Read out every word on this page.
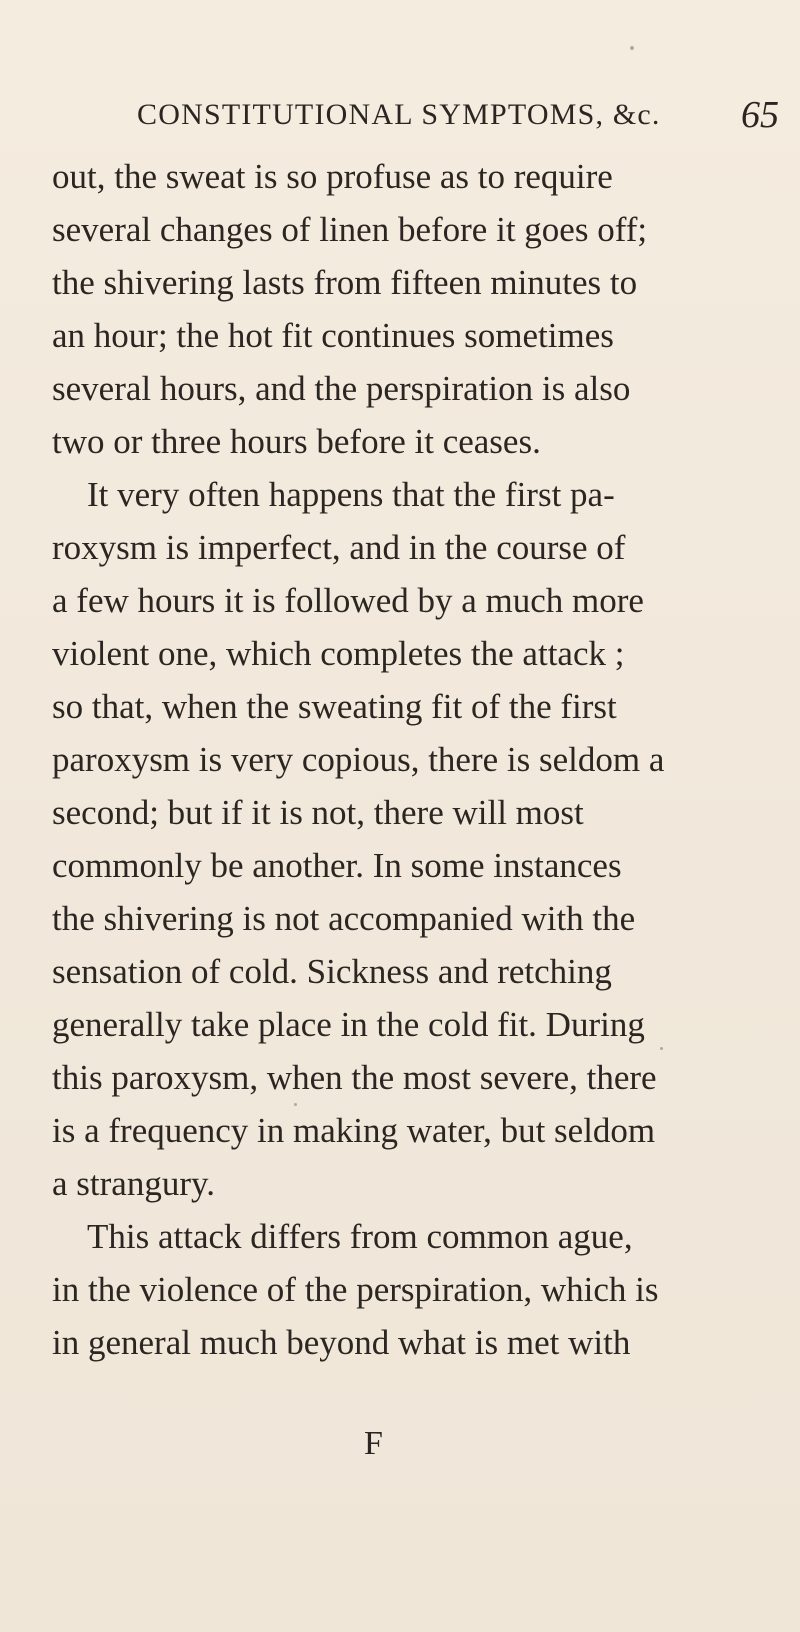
CONSTITUTIONAL SYMPTOMS, &c. 65
out, the sweat is so profuse as to require
several changes of linen before it goes off;
the shivering lasts from fifteen minutes to
an hour; the hot fit continues sometimes
several hours, and the perspiration is also
two or three hours before it ceases.
It very often happens that the first pa-
roxysm is imperfect, and in the course of
a few hours it is followed by a much more
violent one, which completes the attack ;
so that, when the sweating fit of the first
paroxysm is very copious, there is seldom a
second; but if it is not, there will most
commonly be another. In some instances
the shivering is not accompanied with the
sensation of cold. Sickness and retching
generally take place in the cold fit. During
this paroxysm, when the most severe, there
is a frequency in making water, but seldom
a strangury.
This attack differs from common ague,
in the violence of the perspiration, which is
in general much beyond what is met with
F
